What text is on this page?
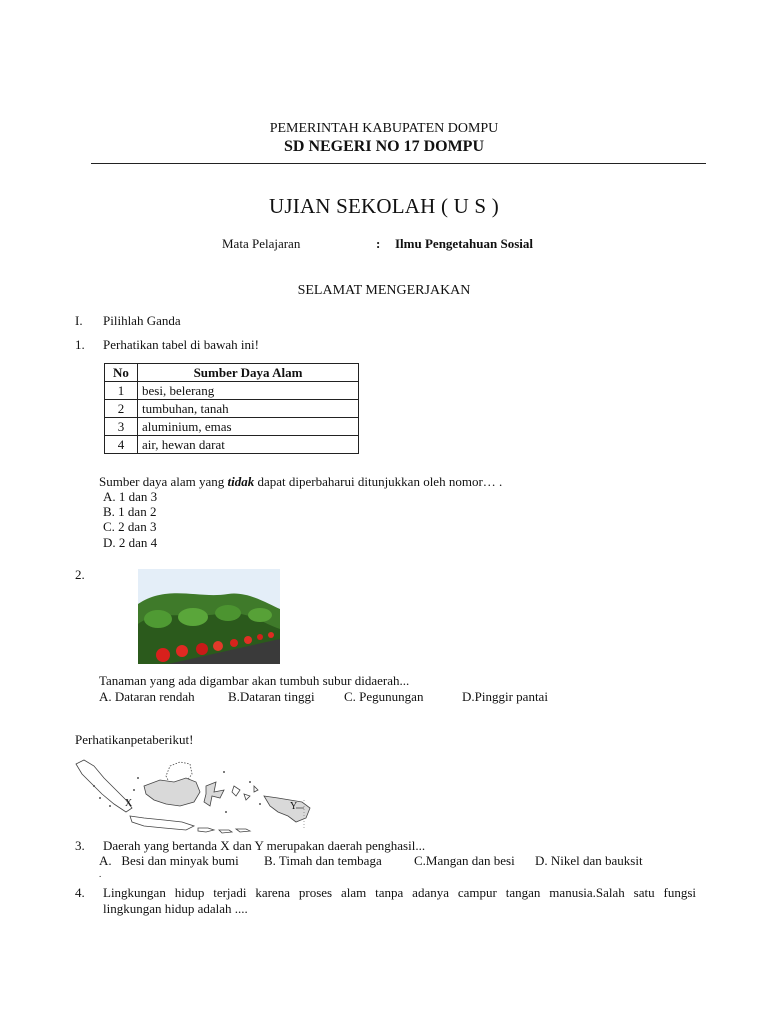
PEMERINTAH KABUPATEN DOMPU
SD NEGERI NO 17 DOMPU
UJIAN SEKOLAH ( U S )
Mata Pelajaran	: Ilmu Pengetahuan Sosial
SELAMAT MENGERJAKAN
I. Pilihlah Ganda
1. Perhatikan tabel di bawah ini!
No	Sumber Daya Alam
1	besi, belerang
2	tumbuhan, tanah
3	aluminium, emas
4	air, hewan darat
Sumber daya alam yang tidak dapat diperbaharui ditunjukkan oleh nomor… .
A. 1 dan 3
B. 1 dan 2
C. 2 dan 3
D. 2 dan 4
2.
Tanaman yang ada digambar akan tumbuh subur didaerah...
A. Dataran rendah	B.Dataran tinggi C. Pegunungan	D.Pinggir pantai
Perhatikanpetaberikut!
X	Y
3. Daerah yang bertanda X dan Y merupakan daerah penghasil...
A.   Besi dan minyak bumi B. Timah dan tembaga C.Mangan dan besi D. Nikel dan bauksit
.
4. Lingkungan hidup terjadi karena proses alam tanpa adanya campur tangan manusia.Salah satu fungsi
lingkungan hidup adalah ....
